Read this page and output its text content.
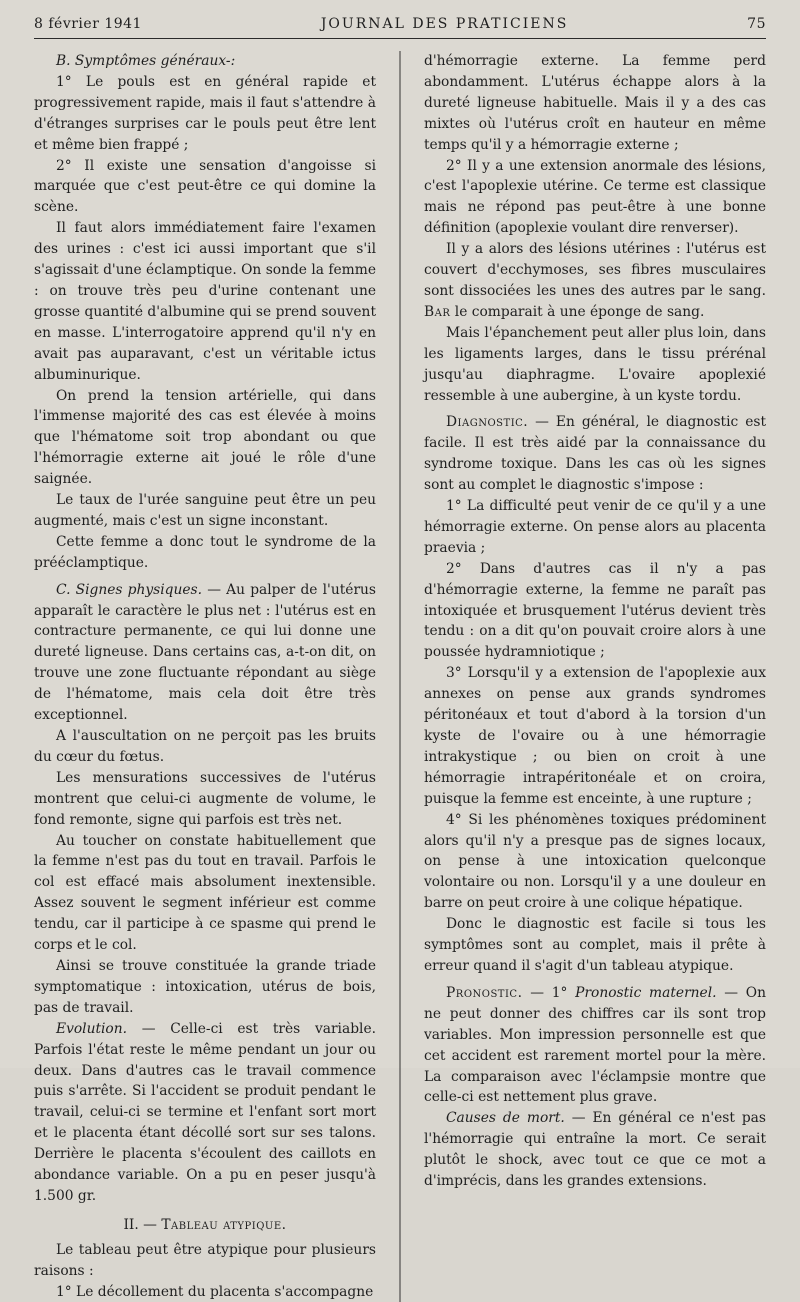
8 février 1941	JOURNAL DES PRATICIENS	75

B. Symptômes généraux-:

1° Le pouls est en général rapide et progressivement rapide, mais il faut s'attendre à d'étranges surprises car le pouls peut être lent et même bien frappé ;

2° Il existe une sensation d'angoisse si marquée que c'est peut-être ce qui domine la scène.

Il faut alors immédiatement faire l'examen des urines : c'est ici aussi important que s'il s'agissait d'une éclamptique. On sonde la femme : on trouve très peu d'urine contenant une grosse quantité d'albumine qui se prend souvent en masse. L'interrogatoire apprend qu'il n'y en avait pas auparavant, c'est un véritable ictus albuminurique.

On prend la tension artérielle, qui dans l'immense majorité des cas est élevée à moins que l'hématome soit trop abondant ou que l'hémorragie externe ait joué le rôle d'une saignée.

Le taux de l'urée sanguine peut être un peu augmenté, mais c'est un signe inconstant.

Cette femme a donc tout le syndrome de la prééclamptique.

C. Signes physiques. — Au palper de l'utérus apparaît le caractère le plus net : l'utérus est en contracture permanente, ce qui lui donne une dureté ligneuse. Dans certains cas, a-t-on dit, on trouve une zone fluctuante répondant au siège de l'hématome, mais cela doit être très exceptionnel.

A l'auscultation on ne perçoit pas les bruits du cœur du fœtus.

Les mensurations successives de l'utérus montrent que celui-ci augmente de volume, le fond remonte, signe qui parfois est très net.

Au toucher on constate habituellement que la femme n'est pas du tout en travail. Parfois le col est effacé mais absolument inextensible. Assez souvent le segment inférieur est comme tendu, car il participe à ce spasme qui prend le corps et le col.

Ainsi se trouve constituée la grande triade symptomatique : intoxication, utérus de bois, pas de travail.

Evolution. — Celle-ci est très variable. Parfois l'état reste le même pendant un jour ou deux. Dans d'autres cas le travail commence puis s'arrête. Si l'accident se produit pendant le travail, celui-ci se termine et l'enfant sort mort et le placenta étant décollé sort sur ses talons. Derrière le placenta s'écoulent des caillots en abondance variable. On a pu en peser jusqu'à 1.500 gr.

II. — Tableau atypique.

Le tableau peut être atypique pour plusieurs raisons :

1° Le décollement du placenta s'accompagne

d'hémorragie externe. La femme perd abondamment. L'utérus échappe alors à la dureté ligneuse habituelle. Mais il y a des cas mixtes où l'utérus croît en hauteur en même temps qu'il y a hémorragie externe ;

2° Il y a une extension anormale des lésions, c'est l'apoplexie utérine. Ce terme est classique mais ne répond pas peut-être à une bonne définition (apoplexie voulant dire renverser).

Il y a alors des lésions utérines : l'utérus est couvert d'ecchymoses, ses fibres musculaires sont dissociées les unes des autres par le sang. Bar le comparait à une éponge de sang.

Mais l'épanchement peut aller plus loin, dans les ligaments larges, dans le tissu prérénal jusqu'au diaphragme. L'ovaire apoplexié ressemble à une aubergine, à un kyste tordu.

Diagnostic. — En général, le diagnostic est facile. Il est très aidé par la connaissance du syndrome toxique. Dans les cas où les signes sont au complet le diagnostic s'impose :

1° La difficulté peut venir de ce qu'il y a une hémorragie externe. On pense alors au placenta praevia ;

2° Dans d'autres cas il n'y a pas d'hémorragie externe, la femme ne paraît pas intoxiquée et brusquement l'utérus devient très tendu : on a dit qu'on pouvait croire alors à une poussée hydramniotique ;

3° Lorsqu'il y a extension de l'apoplexie aux annexes on pense aux grands syndromes péritonéaux et tout d'abord à la torsion d'un kyste de l'ovaire ou à une hémorragie intrakystique ; ou bien on croit à une hémorragie intrapéritonéale et on croira, puisque la femme est enceinte, à une rupture ;

4° Si les phénomènes toxiques prédominent alors qu'il n'y a presque pas de signes locaux, on pense à une intoxication quelconque volontaire ou non. Lorsqu'il y a une douleur en barre on peut croire à une colique hépatique.

Donc le diagnostic est facile si tous les symptômes sont au complet, mais il prête à erreur quand il s'agit d'un tableau atypique.

Pronostic. — 1° Pronostic maternel. — On ne peut donner des chiffres car ils sont trop variables. Mon impression personnelle est que cet accident est rarement mortel pour la mère. La comparaison avec l'éclampsie montre que celle-ci est nettement plus grave.

Causes de mort. — En général ce n'est pas l'hémorragie qui entraîne la mort. Ce serait plutôt le shock, avec tout ce que ce mot a d'imprécis, dans les grandes extensions.
